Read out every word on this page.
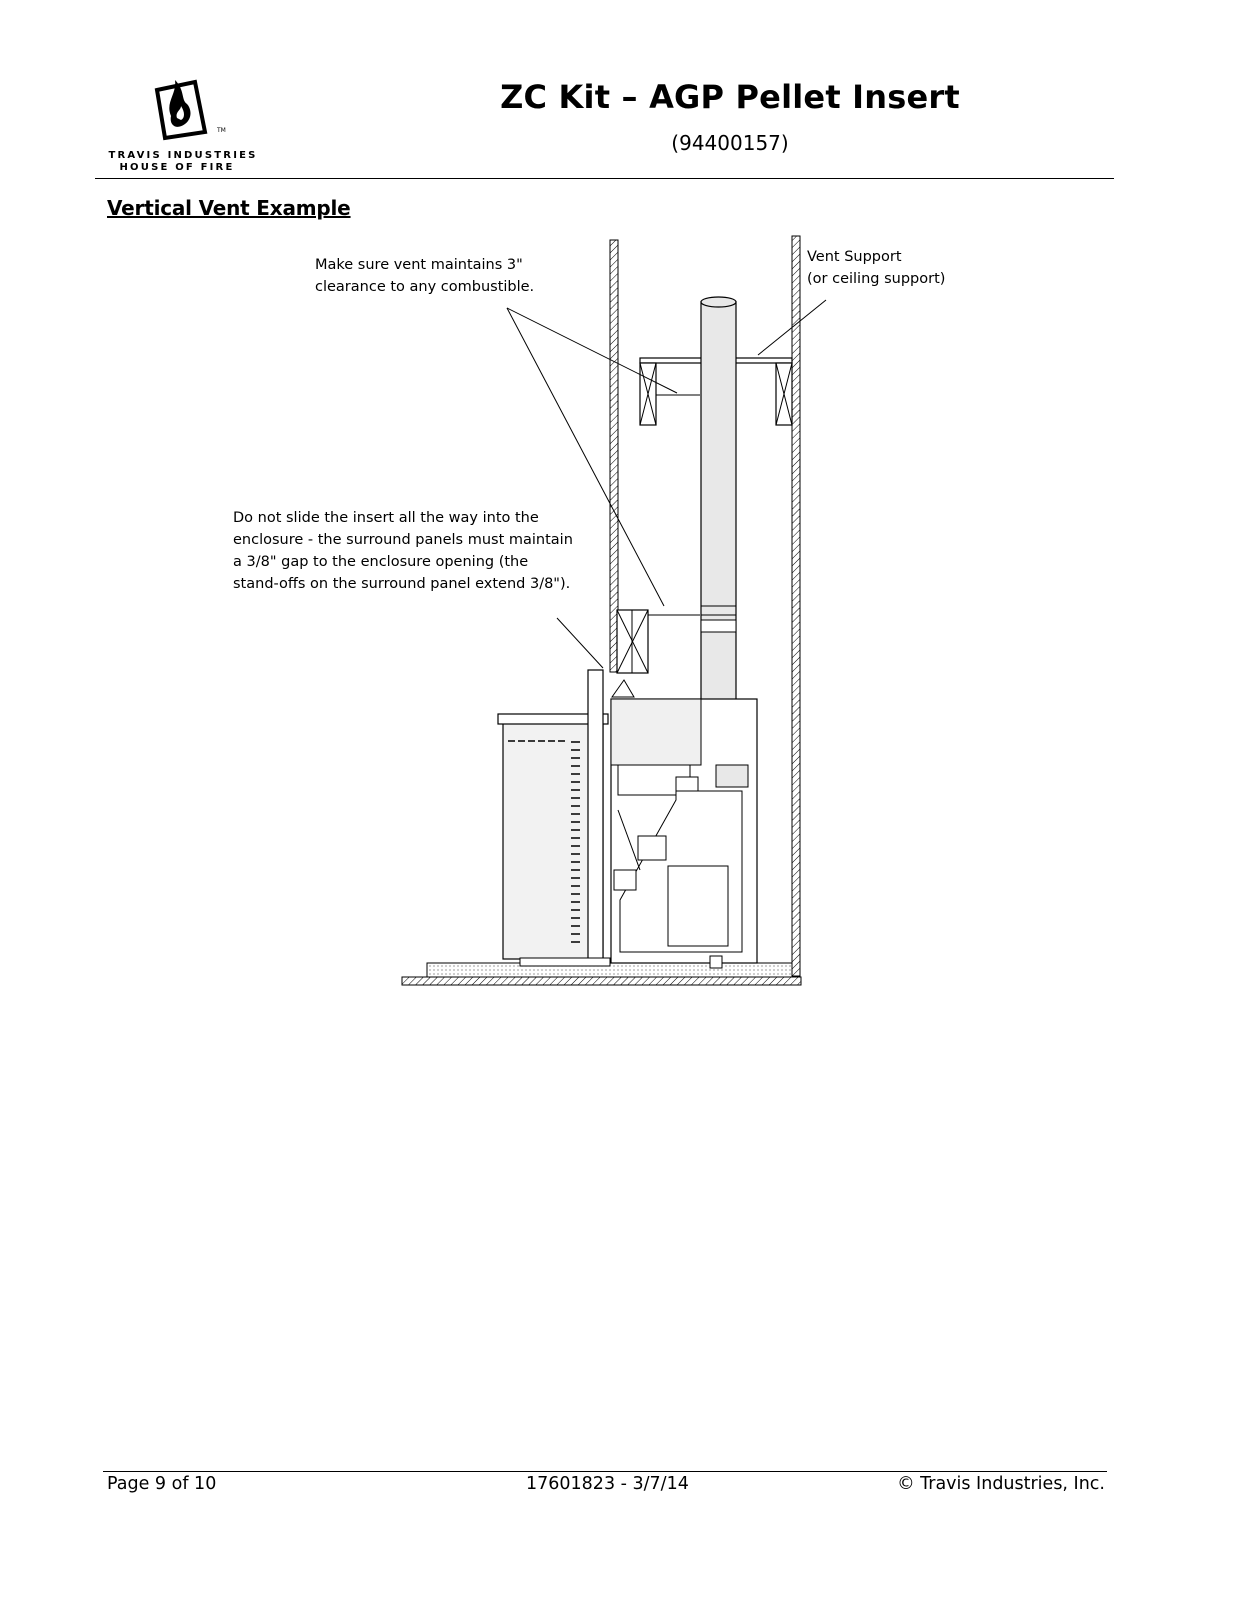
TM
TRAVIS INDUSTRIES
HOUSE OF FIRE
ZC Kit – AGP Pellet Insert
(94400157)
Vertical Vent Example
Make sure vent maintains 3"
clearance to any combustible.
Vent Support
(or ceiling support)
Do not slide the insert all the way into the
enclosure - the surround panels must maintain
a 3/8" gap to the enclosure opening (the
stand-offs on the surround panel extend 3/8").
Page 9 of 10	17601823 - 3/7/14	© Travis Industries, Inc.
